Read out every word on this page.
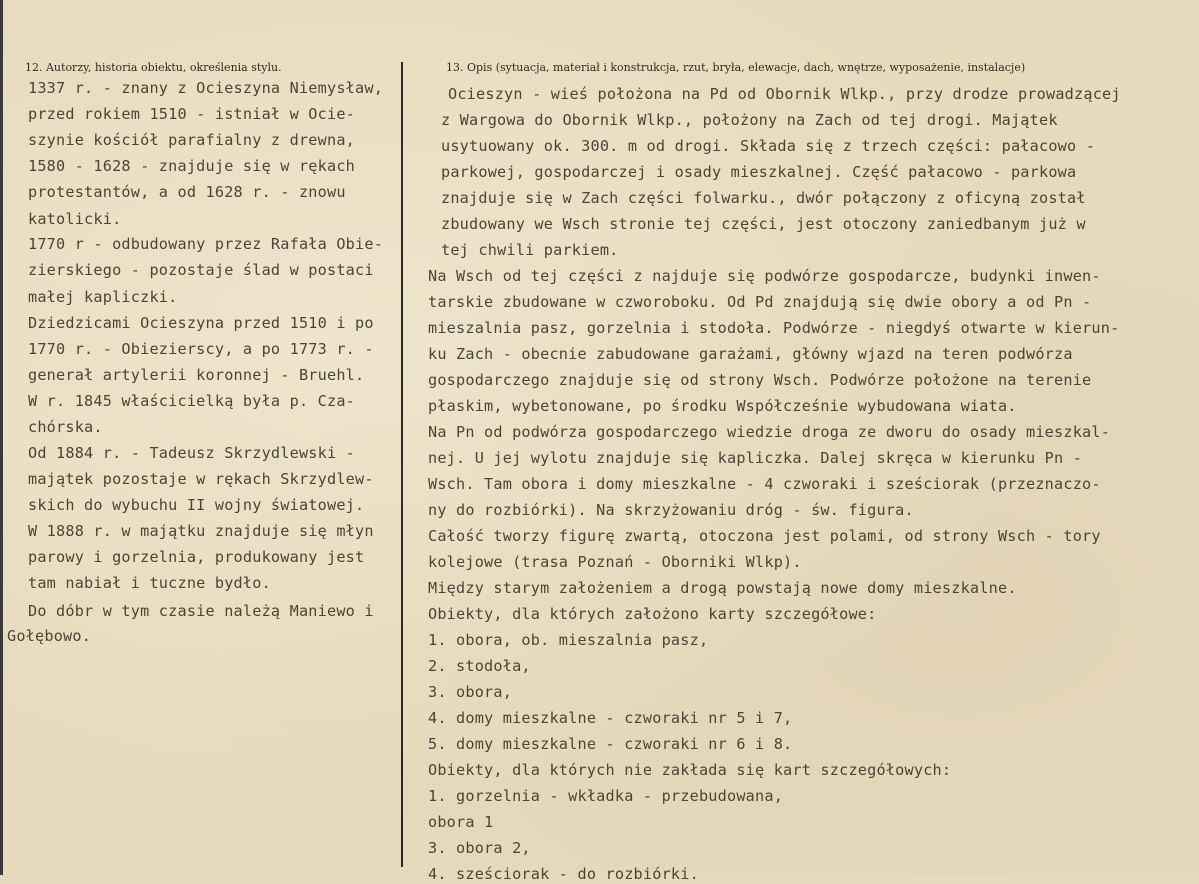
12. Autorzy, historia obiektu, określenia stylu.	13. Opis (sytuacja, materiał i konstrukcja, rzut, bryła, elewacje, dach, wnętrze, wyposażenie, instalacje)
1337 r. - znany z Ocieszyna Niemysław,
przed rokiem 1510 - istniał w Ocie-
szynie kościół parafialny z drewna,
1580 - 1628 - znajduje się w rękach
protestantów, a od 1628 r. - znowu
katolicki.
1770 r - odbudowany przez Rafała Obie-
zierskiego - pozostaje ślad w postaci
małej kapliczki.
Dziedzicami Ocieszyna przed 1510 i po
1770 r. - Obiezierscy, a po 1773 r. -
generał artylerii koronnej - Bruehl.
W r. 1845 właścicielką była p. Cza-
chórska.
Od 1884 r. - Tadeusz Skrzydlewski -
majątek pozostaje w rękach Skrzydlew-
skich do wybuchu II wojny światowej.
W 1888 r. w majątku znajduje się młyn
parowy i gorzelnia, produkowany jest
tam nabiał i tuczne bydło.
Do dóbr w tym czasie należą Maniewo i
Gołębowo.
Ocieszyn - wieś położona na Pd od Obornik Wlkp., przy drodze prowadzącej
z Wargowa do Obornik Wlkp., położony na Zach od tej drogi. Majątek
usytuowany ok. 300. m od drogi. Składa się z trzech części: pałacowo -
parkowej, gospodarczej i osady mieszkalnej. Część pałacowo - parkowa
znajduje się w Zach części folwarku., dwór połączony z oficyną został
zbudowany we Wsch stronie tej części, jest otoczony zaniedbanym już w
tej chwili parkiem.
Na Wsch od tej części z najduje się podwórze gospodarcze, budynki inwen-
tarskie zbudowane w czworoboku. Od Pd znajdują się dwie obory a od Pn -
mieszalnia pasz, gorzelnia i stodoła. Podwórze - niegdyś otwarte w kierun-
ku Zach - obecnie zabudowane garażami, główny wjazd na teren podwórza
gospodarczego znajduje się od strony Wsch. Podwórze położone na terenie
płaskim, wybetonowane, po środku Współcześnie wybudowana wiata.
Na Pn od podwórza gospodarczego wiedzie droga ze dworu do osady mieszkal-
nej. U jej wylotu znajduje się kapliczka. Dalej skręca w kierunku Pn -
Wsch. Tam obora i domy mieszkalne - 4 czworaki i sześciorak (przeznaczo-
ny do rozbiórki). Na skrzyżowaniu dróg - św. figura.
Całość tworzy figurę zwartą, otoczona jest polami, od strony Wsch - tory
kolejowe (trasa Poznań - Oborniki Wlkp).
Między starym założeniem a drogą powstają nowe domy mieszkalne.
Obiekty, dla których założono karty szczegółowe:
1. obora, ob. mieszalnia pasz,
2. stodoła,
3. obora,
4. domy mieszkalne - czworaki nr 5 i 7,
5. domy mieszkalne - czworaki nr 6 i 8.
Obiekty, dla których nie zakłada się kart szczegółowych:
1. gorzelnia - wkładka - przebudowana,
obora 1
3. obora 2,
4. sześciorak - do rozbiórki.
